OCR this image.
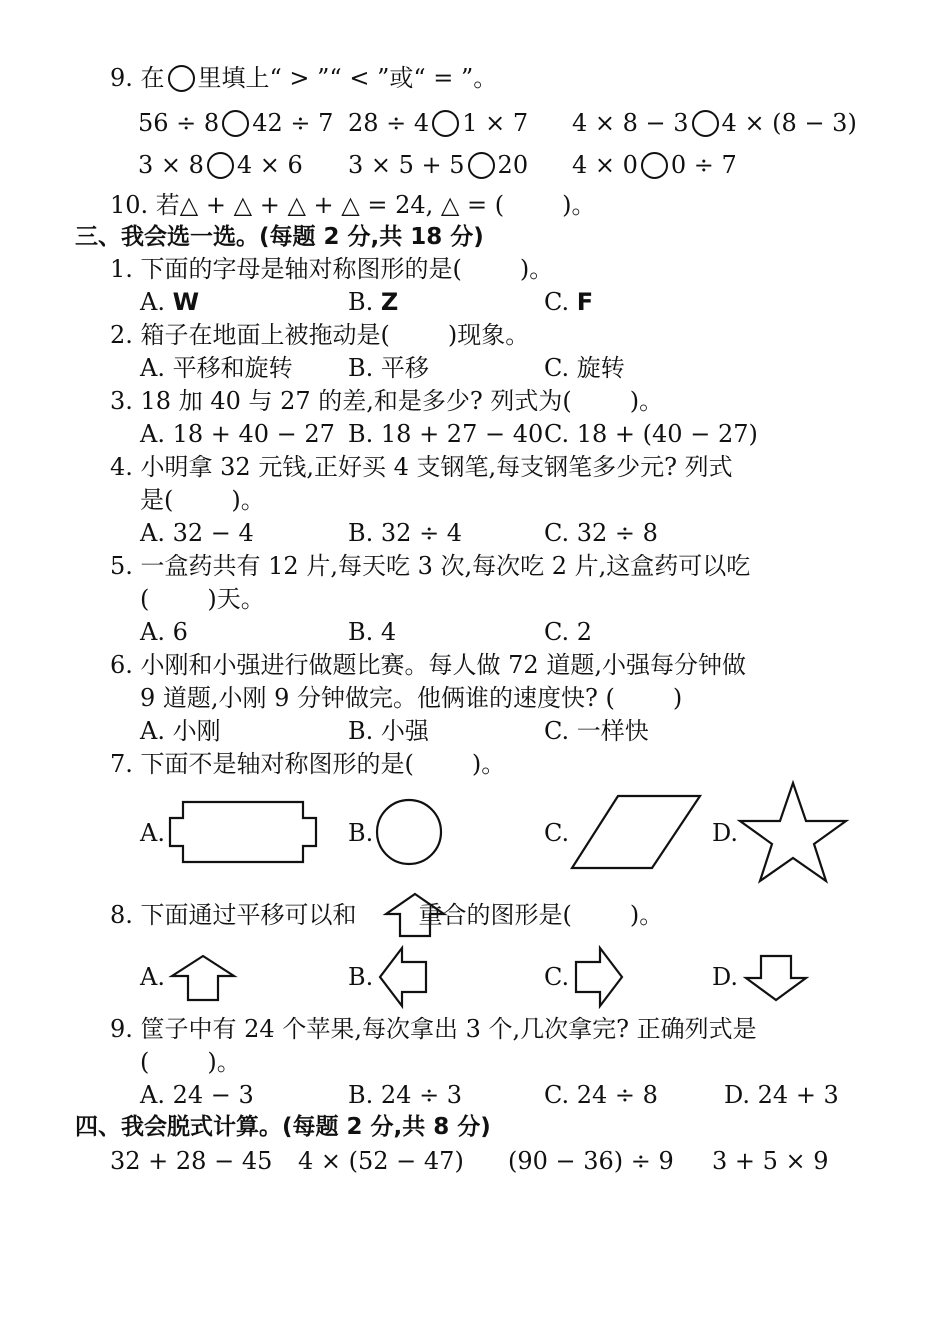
9. 在 里填上“ > ”“ < ”或“ = ”。
56 ÷ 8 42 ÷ 7 28 ÷ 4 1 × 7 4 × 8 − 3 4 × (8 − 3)
3 × 8 4 × 6 3 × 5 + 5 20 4 × 0 0 ÷ 7
10. 若△ + △ + △ + △ = 24, △ = ( )。
三、我会选一选。(每题 2 分,共 18 分)
1. 下面的字母是轴对称图形的是( )。
A. W	B. Z	C. F
2. 箱子在地面上被拖动是( )现象。
A. 平移和旋转 B. 平移	C. 旋转
3. 18 加 40 与 27 的差,和是多少? 列式为( )。
A. 18 + 40 − 27 B. 18 + 27 − 40 C. 18 + (40 − 27)
4. 小明拿 32 元钱,正好买 4 支钢笔,每支钢笔多少元? 列式
是( )。
A. 32 − 4	B. 32 ÷ 4	C. 32 ÷ 8
5. 一盒药共有 12 片,每天吃 3 次,每次吃 2 片,这盒药可以吃
( )天。
A. 6	B. 4	C. 2
6. 小刚和小强进行做题比赛。每人做 72 道题,小强每分钟做
9 道题,小刚 9 分钟做完。他俩谁的速度快? ( )
A. 小刚	B. 小强	C. 一样快
7. 下面不是轴对称图形的是( )。
A.	B.	C.	D.
8. 下面通过平移可以和	重合的图形是( )。
A.	B.	C.	D.
9. 筐子中有 24 个苹果,每次拿出 3 个,几次拿完? 正确列式是
( )。
A. 24 − 3	B. 24 ÷ 3	C. 24 ÷ 8	D. 24 + 3
四、我会脱式计算。(每题 2 分,共 8 分)
32 + 28 − 45 4 × (52 − 47) (90 − 36) ÷ 9 3 + 5 × 9
